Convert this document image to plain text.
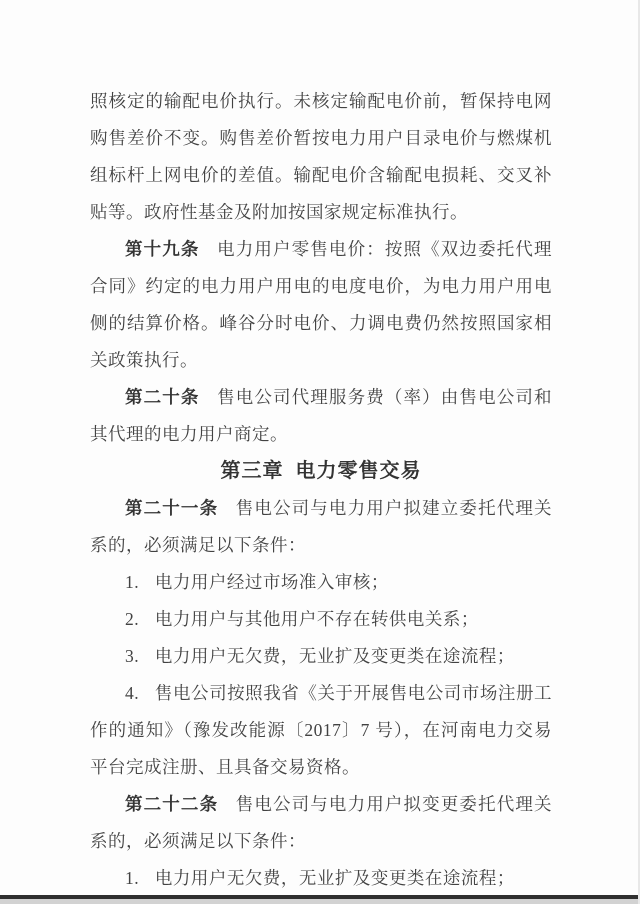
照核定的输配电价执行。未核定输配电价前，暂保持电网购售差价不变。购售差价暂按电力用户目录电价与燃煤机组标杆上网电价的差值。输配电价含输配电损耗、交叉补贴等。政府性基金及附加按国家规定标准执行。

第十九条 电力用户零售电价：按照《双边委托代理合同》约定的电力用户用电的电度电价，为电力用户用电侧的结算价格。峰谷分时电价、力调电费仍然按照国家相关政策执行。

第二十条 售电公司代理服务费（率）由售电公司和其代理的电力用户商定。

第三章 电力零售交易

第二十一条 售电公司与电力用户拟建立委托代理关系的，必须满足以下条件：

1. 电力用户经过市场准入审核；

2. 电力用户与其他用户不存在转供电关系；

3. 电力用户无欠费，无业扩及变更类在途流程；

4. 售电公司按照我省《关于开展售电公司市场注册工作的通知》（豫发改能源〔2017〕7 号），在河南电力交易平台完成注册、且具备交易资格。

第二十二条 售电公司与电力用户拟变更委托代理关系的，必须满足以下条件：

1. 电力用户无欠费，无业扩及变更类在途流程；
